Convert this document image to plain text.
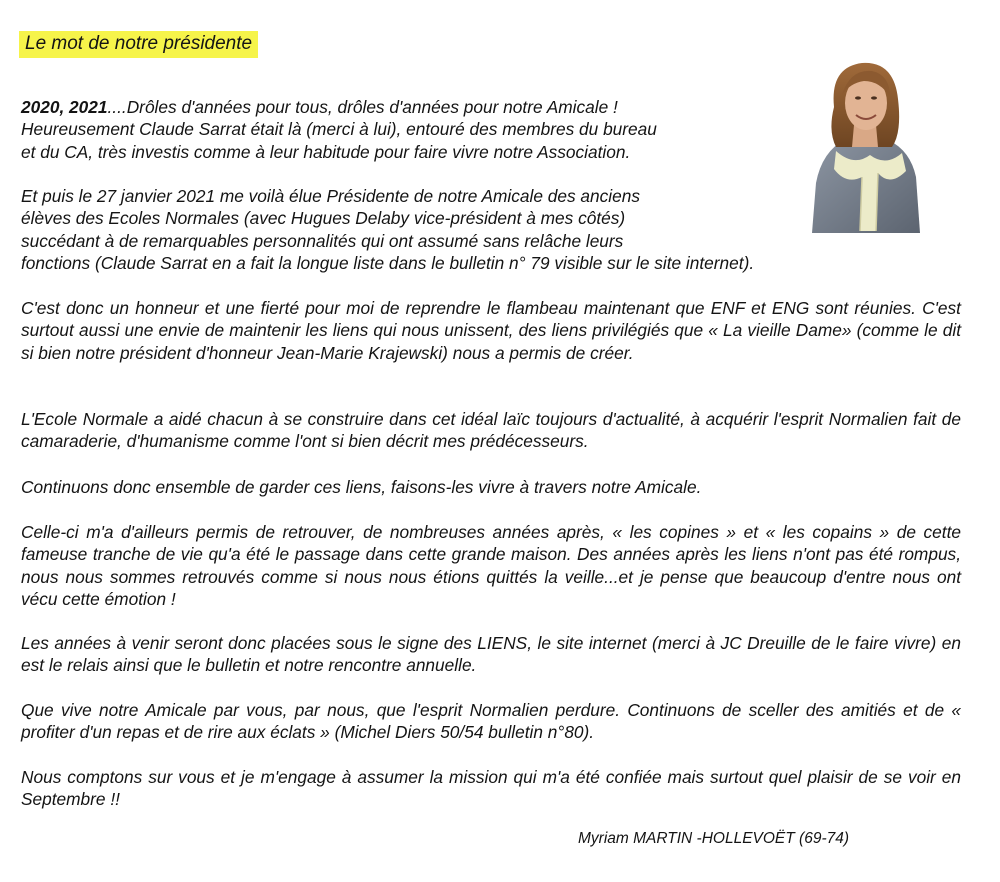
Le mot de notre présidente

2020, 2021....Drôles d'années pour tous, drôles d'années pour notre Amicale !
Heureusement Claude Sarrat était là (merci à lui), entouré des membres du bureau
et du CA, très investis comme à leur habitude pour faire vivre notre Association.

Et puis le 27 janvier 2021 me voilà élue Présidente de notre Amicale des anciens
élèves des Ecoles Normales (avec Hugues Delaby vice-président à mes côtés)
succédant à de remarquables personnalités qui ont assumé sans relâche leurs
fonctions (Claude Sarrat en a fait la longue liste dans le bulletin n° 79 visible sur le site internet).

C'est donc un honneur et une fierté pour moi de reprendre le flambeau maintenant que ENF et ENG sont réunies. C'est surtout aussi une envie de maintenir les liens qui nous unissent, des liens privilégiés que « La vieille Dame» (comme le dit si bien notre président d'honneur Jean-Marie Krajewski) nous a permis de créer.

L'Ecole Normale a aidé chacun à se construire dans cet idéal laïc toujours d'actualité, à acquérir l'esprit Normalien fait de camaraderie, d'humanisme comme l'ont si bien décrit mes prédécesseurs.

Continuons donc ensemble de garder ces liens, faisons-les vivre à travers notre Amicale.

Celle-ci m'a d'ailleurs permis de retrouver, de nombreuses années après, « les copines » et « les copains » de cette fameuse tranche de vie qu'a été le passage dans cette grande maison. Des années après les liens n'ont pas été rompus, nous nous sommes retrouvés comme si nous nous étions quittés la veille...et je pense que beaucoup d'entre nous ont vécu cette émotion !

Les années à venir seront donc placées sous le signe des LIENS, le site internet (merci à JC Dreuille de le faire vivre) en est le relais ainsi que le bulletin et notre rencontre annuelle.

Que vive notre Amicale par vous, par nous, que l'esprit Normalien perdure. Continuons de sceller des amitiés et de « profiter d'un repas et de rire aux éclats » (Michel Diers 50/54 bulletin n°80).

Nous comptons sur vous et je m'engage à assumer la mission qui m'a été confiée mais surtout quel plaisir de se voir en Septembre !!

Myriam MARTIN -HOLLEVOËT (69-74)
